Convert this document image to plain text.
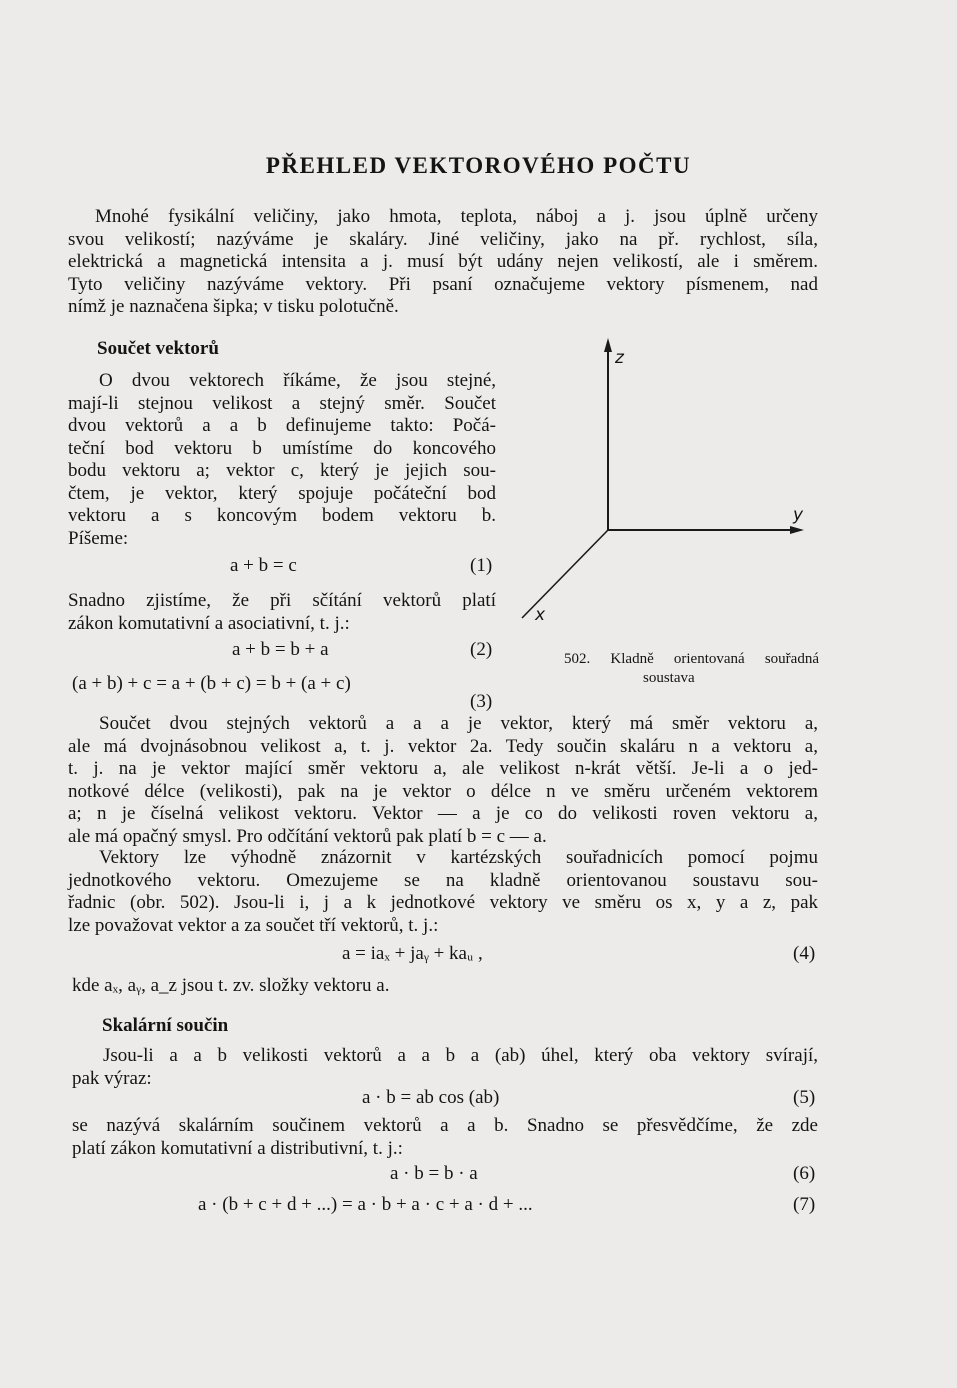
PŘEHLED VEKTOROVÉHO POČTU
Mnohé fysikální veličiny, jako hmota, teplota, náboj a j. jsou úplně určeny
svou velikostí; nazýváme je skaláry. Jiné veličiny, jako na př. rychlost, síla,
elektrická a magnetická intensita a j. musí být udány nejen velikostí, ale i směrem.
Tyto veličiny nazýváme vektory. Při psaní označujeme vektory písmenem, nad
nímž je naznačena šipka; v tisku polotučně.
Součet vektorů
O dvou vektorech říkáme, že jsou stejné,
mají-li stejnou velikost a stejný směr. Součet
dvou vektorů a a b definujeme takto: Počá-
teční bod vektoru b umístíme do koncového
bodu vektoru a; vektor c, který je jejich sou-
čtem, je vektor, který spojuje počáteční bod
vektoru a s koncovým bodem vektoru b.
Píšeme:
a + b = c	(1)
Snadno zjistíme, že při sčítání vektorů platí
zákon komutativní a asociativní, t. j.:
a + b = b + a	(2)
(a + b) + c = a + (b + c) = b + (a + c)
(3)
z
y
x
502. Kladně orientovaná souřadná
soustava
Součet dvou stejných vektorů a a a je vektor, který má směr vektoru a,
ale má dvojnásobnou velikost a, t. j. vektor 2a. Tedy součin skaláru n a vektoru a,
t. j. na je vektor mající směr vektoru a, ale velikost n-krát větší. Je-li a o jed-
notkové délce (velikosti), pak na je vektor o délce n ve směru určeném vektorem
a; n je číselná velikost vektoru. Vektor — a je co do velikosti roven vektoru a,
ale má opačný smysl. Pro odčítání vektorů pak platí b = c — a.
Vektory lze výhodně znázornit v kartézských souřadnicích pomocí pojmu
jednotkového vektoru. Omezujeme se na kladně orientovanou soustavu sou-
řadnic (obr. 502). Jsou-li i, j a k jednotkové vektory ve směru os x, y a z, pak
lze považovat vektor a za součet tří vektorů, t. j.:
a = iaₓ + jaᵧ + kaᵤ ,	(4)
kde aₓ, aᵧ, a_z jsou t. zv. složky vektoru a.
Skalární součin
Jsou-li a a b velikosti vektorů a a b a (ab) úhel, který oba vektory svírají,
pak výraz:
a · b = ab cos (ab)	(5)
se nazývá skalárním součinem vektorů a a b. Snadno se přesvědčíme, že zde
platí zákon komutativní a distributivní, t. j.:
a · b = b · a	(6)
a · (b + c + d + ...) = a · b + a · c + a · d + ...	(7)
